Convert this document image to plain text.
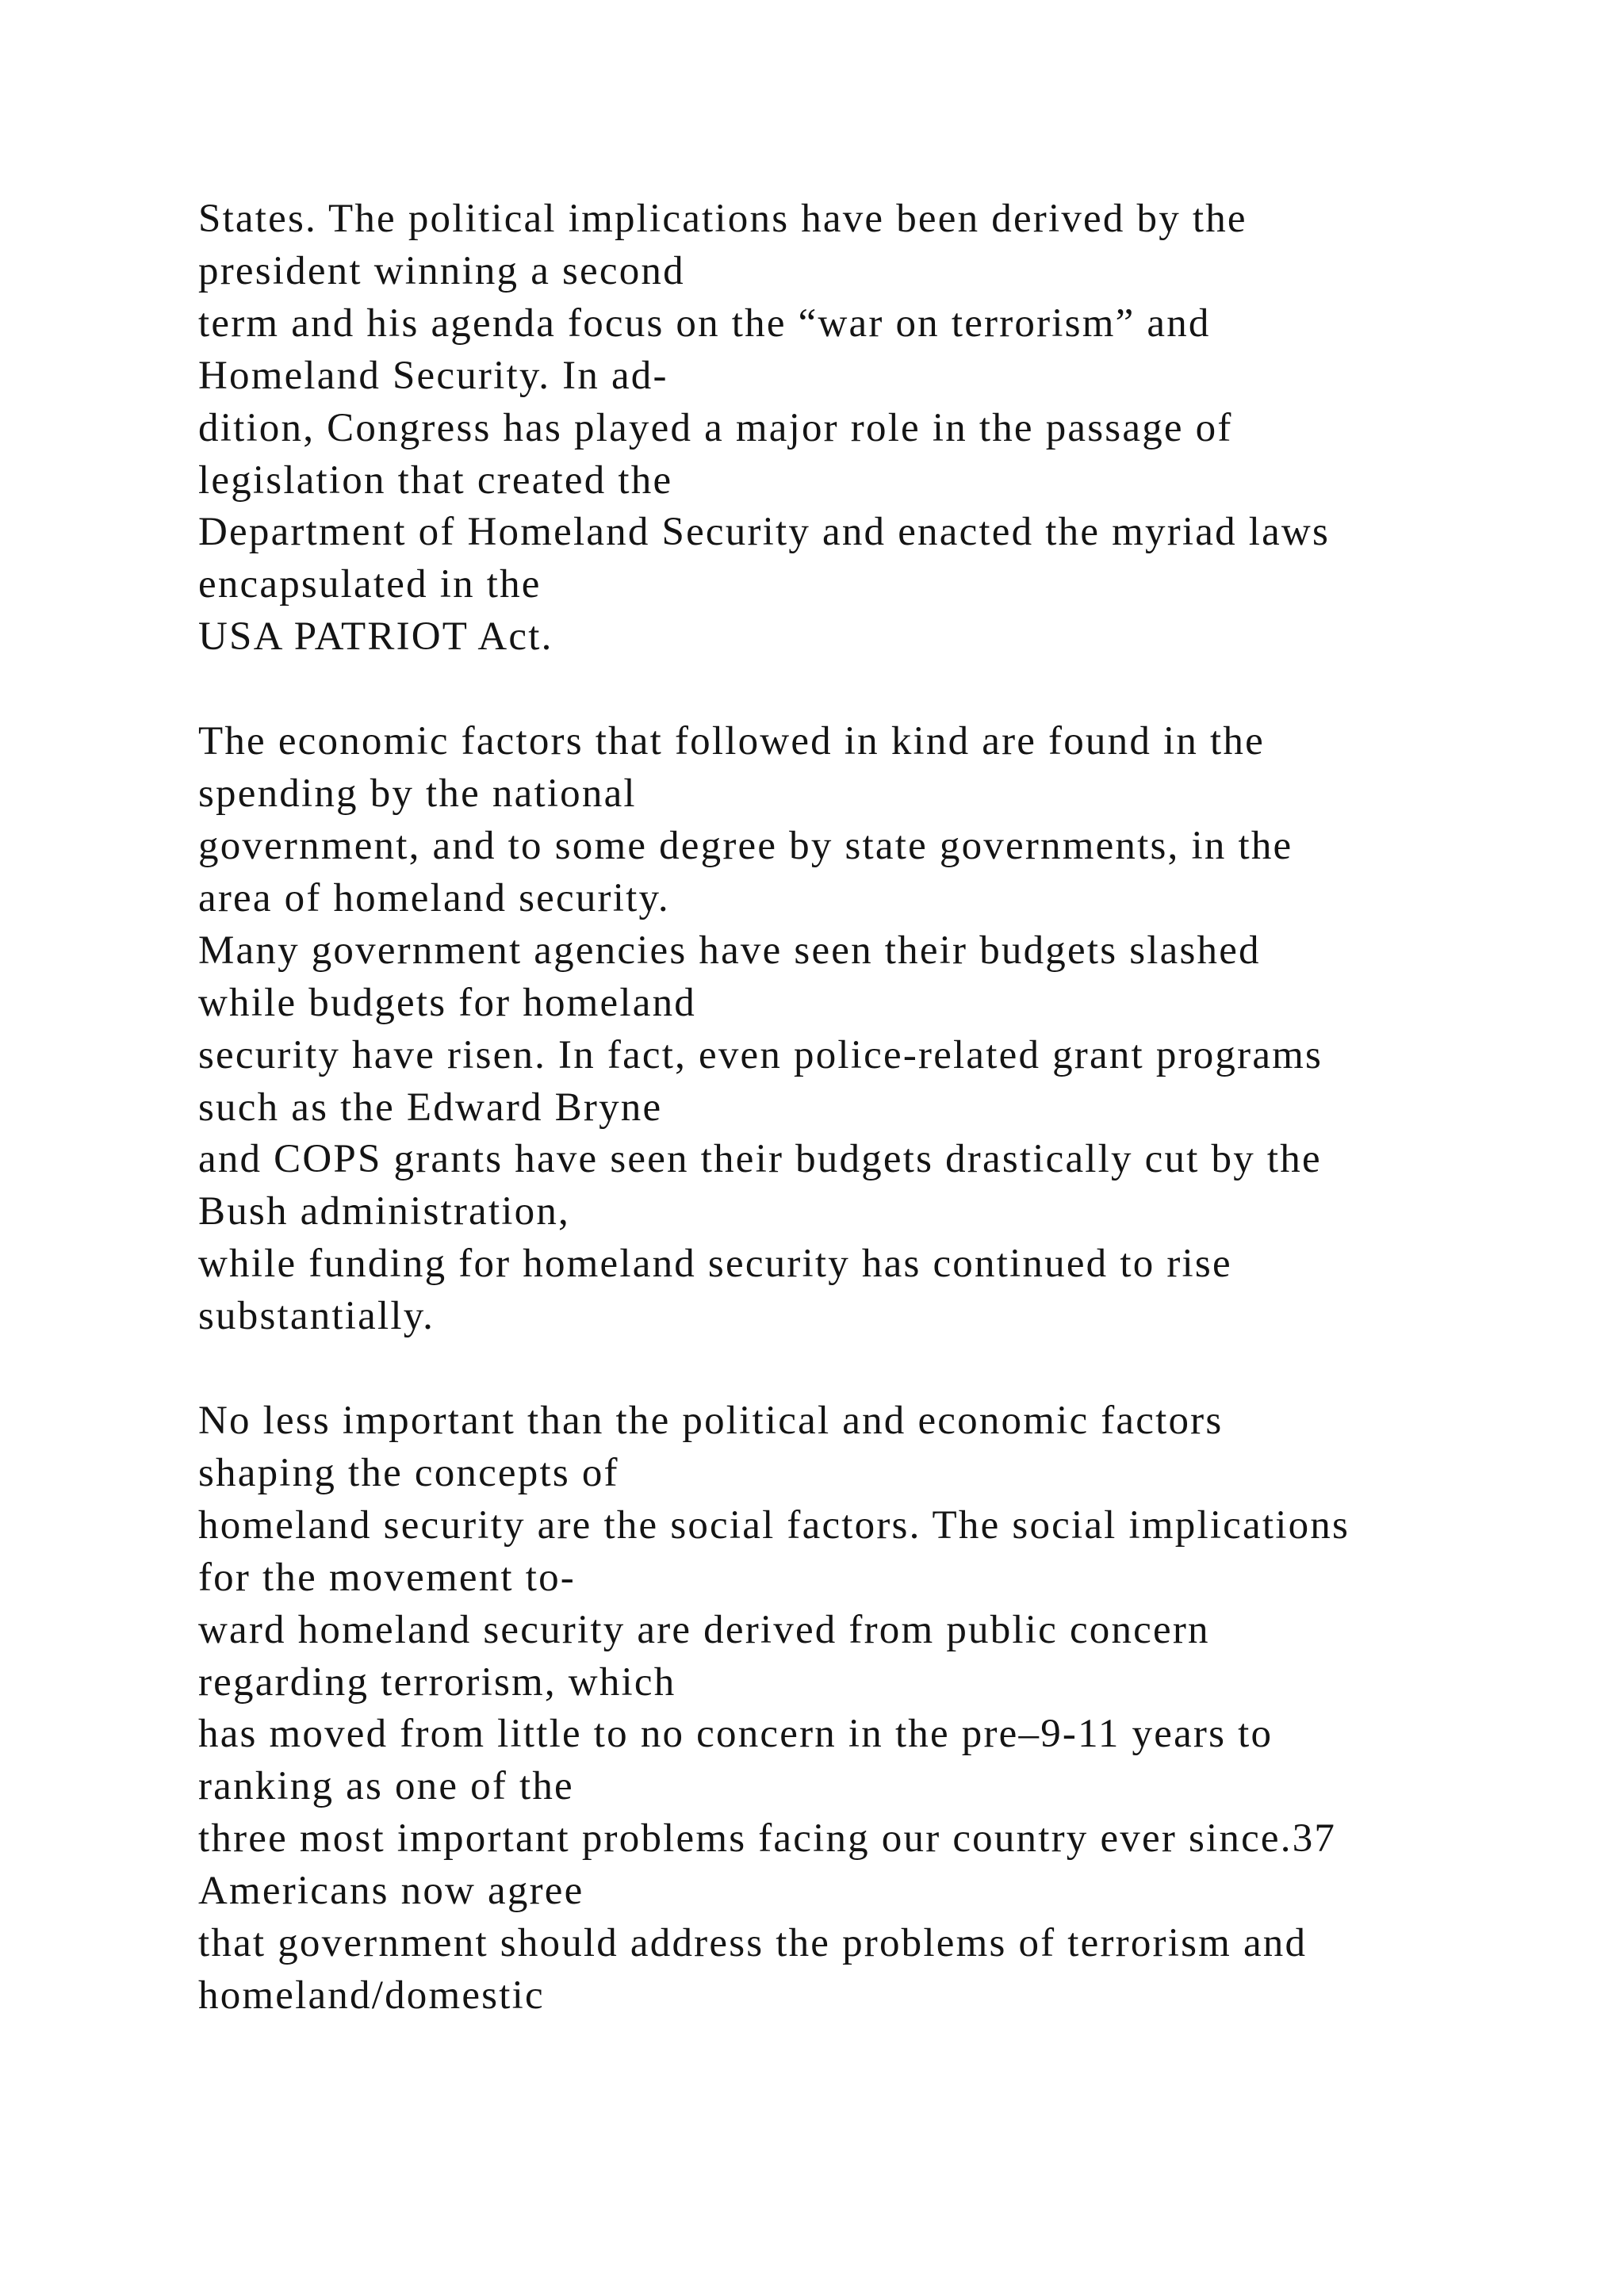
States. The political implications have been derived by the
president winning a second
term and his agenda focus on the “war on terrorism” and
Homeland Security. In ad-
dition, Congress has played a major role in the passage of
legislation that created the
Department of Homeland Security and enacted the myriad laws
encapsulated in the
USA PATRIOT Act.

The economic factors that followed in kind are found in the
spending by the national
government, and to some degree by state governments, in the
area of homeland security.
Many government agencies have seen their budgets slashed
while budgets for homeland
security have risen. In fact, even police-related grant programs
such as the Edward Bryne
and COPS grants have seen their budgets drastically cut by the
Bush administration,
while funding for homeland security has continued to rise
substantially.

No less important than the political and economic factors
shaping the concepts of
homeland security are the social factors. The social implications
for the movement to-
ward homeland security are derived from public concern
regarding terrorism, which
has moved from little to no concern in the pre–9-11 years to
ranking as one of the
three most important problems facing our country ever since.37
Americans now agree
that government should address the problems of terrorism and
homeland/domestic
